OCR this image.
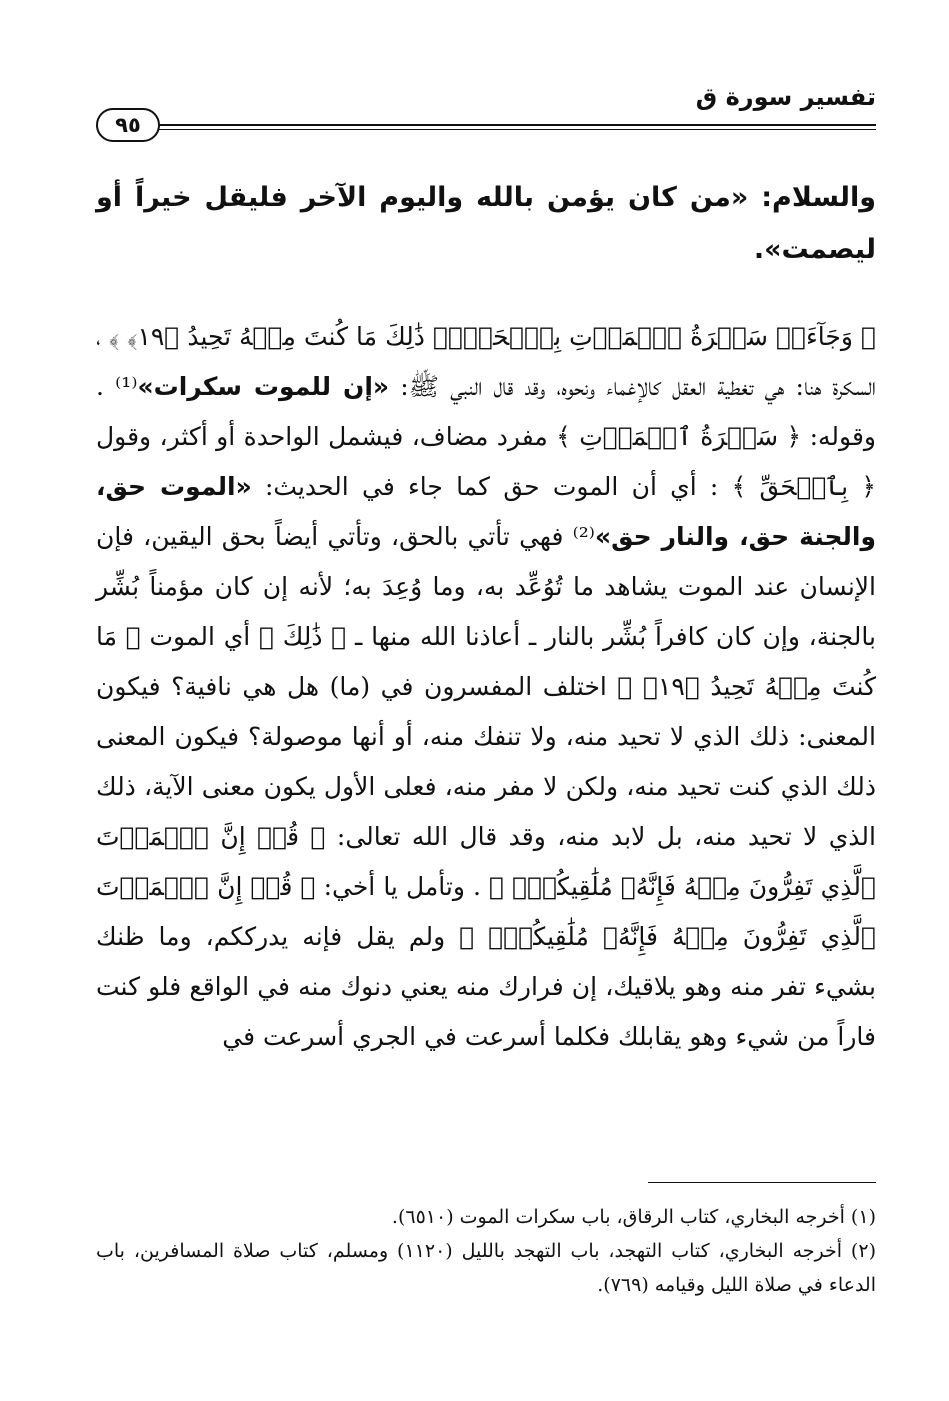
تفسير سورة ق
٩٥

والسلام: «من كان يؤمن بالله واليوم الآخر فليقل خيراً أو ليصمت».

﴿ وَجَآءَتۡ سَكۡرَةُ ٱلۡمَوۡتِ بِٱلۡحَقِّۖ ذَٰلِكَ مَا كُنتَ مِنۡهُ تَحِيدُ ﴿١٩﴾ ﴾ ، السكرة هنا: هي تغطية العقل كالإغماء ونحوه، وقد قال النبي ﷺ: «إن للموت سكرات»⁽¹⁾ . وقوله: ﴿ سَكۡرَةُ ٱلۡمَوۡتِ ﴾ مفرد مضاف، فيشمل الواحدة أو أكثر، وقول ﴿ بِٱلۡحَقِّ ﴾ : أي أن الموت حق كما جاء في الحديث: «الموت حق، والجنة حق، والنار حق»⁽²⁾ فهي تأتي بالحق، وتأتي أيضاً بحق اليقين، فإن الإنسان عند الموت يشاهد ما تُوُعِّد به، وما وُعِدَ به؛ لأنه إن كان مؤمناً بُشِّر بالجنة، وإن كان كافراً بُشِّر بالنار ـ أعاذنا الله منها ـ ﴿ ذَٰلِكَ ﴾ أي الموت ﴿ مَا كُنتَ مِنۡهُ تَحِيدُ ﴿١٩﴾ ﴾ اختلف المفسرون في (ما) هل هي نافية؟ فيكون المعنى: ذلك الذي لا تحيد منه، ولا تنفك منه، أو أنها موصولة؟ فيكون المعنى ذلك الذي كنت تحيد منه، ولكن لا مفر منه، فعلى الأول يكون معنى الآية، ذلك الذي لا تحيد منه، بل لابد منه، وقد قال الله تعالى: ﴿ قُلۡ إِنَّ ٱلۡمَوۡتَ ٱلَّذِي تَفِرُّونَ مِنۡهُ فَإِنَّهُۥ مُلَٰقِيكُمۡۖ ﴾ . وتأمل يا أخي: ﴿ قُلۡ إِنَّ ٱلۡمَوۡتَ ٱلَّذِي تَفِرُّونَ مِنۡهُ فَإِنَّهُۥ مُلَٰقِيكُمۡۖ ﴾ ولم يقل فإنه يدرككم، وما ظنك بشيء تفر منه وهو يلاقيك، إن فرارك منه يعني دنوك منه في الواقع فلو كنت فاراً من شيء وهو يقابلك فكلما أسرعت في الجري أسرعت في

(١) أخرجه البخاري، كتاب الرقاق، باب سكرات الموت (٦٥١٠).

(٢) أخرجه البخاري، كتاب التهجد، باب التهجد بالليل (١١٢٠) ومسلم، كتاب صلاة المسافرين، باب الدعاء في صلاة الليل وقيامه (٧٦٩).
